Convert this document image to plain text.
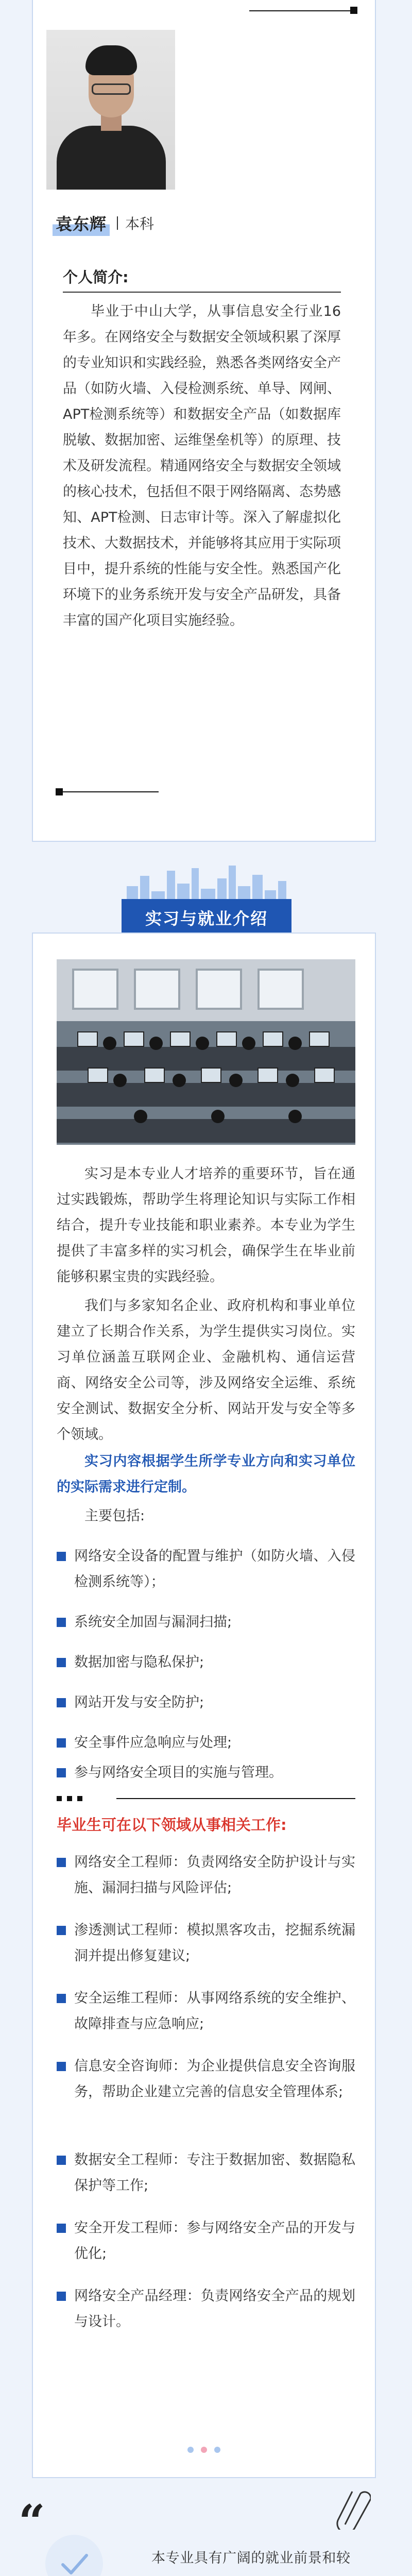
袁东辉 本科
个人简介:
毕业于中山大学，从事信息安全行业16年多。在网络安全与数据安全领域积累了深厚的专业知识和实践经验，熟悉各类网络安全产品（如防火墙、入侵检测系统、单导、网闸、APT检测系统等）和数据安全产品（如数据库脱敏、数据加密、运维堡垒机等）的原理、技术及研发流程。精通网络安全与数据安全领域的核心技术，包括但不限于网络隔离、态势感知、APT检测、日志审计等。深入了解虚拟化技术、大数据技术，并能够将其应用于实际项目中，提升系统的性能与安全性。熟悉国产化环境下的业务系统开发与安全产品研发，具备丰富的国产化项目实施经验。
实习与就业介绍
实习是本专业人才培养的重要环节，旨在通过实践锻炼，帮助学生将理论知识与实际工作相结合，提升专业技能和职业素养。本专业为学生提供了丰富多样的实习机会，确保学生在毕业前能够积累宝贵的实践经验。
我们与多家知名企业、政府机构和事业单位建立了长期合作关系，为学生提供实习岗位。实习单位涵盖互联网企业、金融机构、通信运营商、网络安全公司等，涉及网络安全运维、系统安全测试、数据安全分析、网站开发与安全等多个领域。
实习内容根据学生所学专业方向和实习单位的实际需求进行定制。
主要包括:
网络安全设备的配置与维护（如防火墙、入侵检测系统等）；
系统安全加固与漏洞扫描;
数据加密与隐私保护;
网站开发与安全防护;
安全事件应急响应与处理;
参与网络安全项目的实施与管理。
毕业生可在以下领域从事相关工作:
网络安全工程师：负责网络安全防护设计与实施、漏洞扫描与风险评估;
渗透测试工程师：模拟黑客攻击，挖掘系统漏洞并提出修复建议;
安全运维工程师：从事网络系统的安全维护、故障排查与应急响应;
信息安全咨询师：为企业提供信息安全咨询服务，帮助企业建立完善的信息安全管理体系;
数据安全工程师：专注于数据加密、数据隐私保护等工作;
安全开发工程师：参与网络安全产品的开发与优化;
网络安全产品经理：负责网络安全产品的规划与设计。
“
本专业具有广阔的就业前景和较
